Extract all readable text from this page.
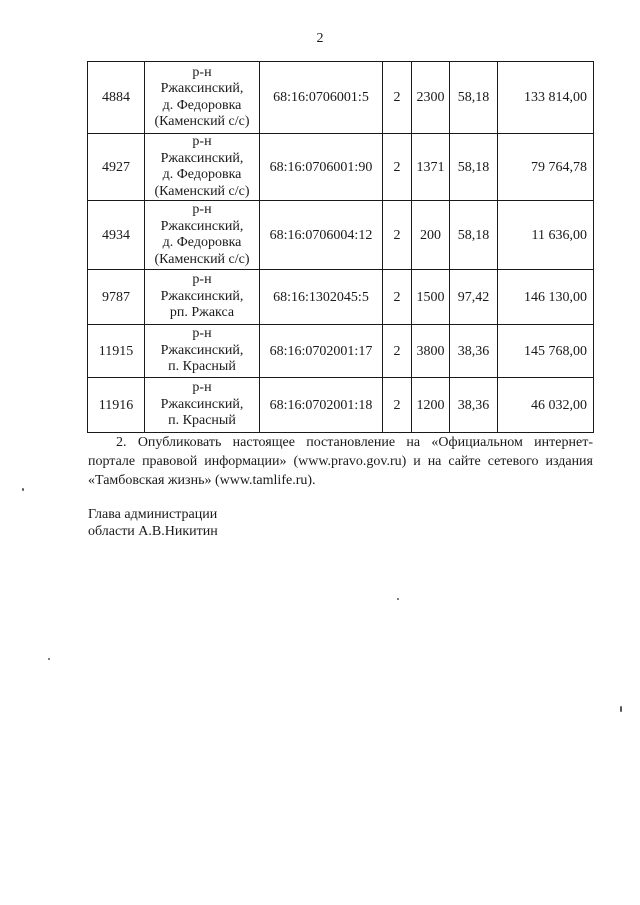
2
4884	р-н
Ржаксинский,
д. Федоровка
(Каменский с/с)	68:16:0706001:5	2	2300	58,18	133 814,00
4927	р-н
Ржаксинский,
д. Федоровка
(Каменский с/с)	68:16:0706001:90	2	1371	58,18	79 764,78
4934	р-н
Ржаксинский,
д. Федоровка
(Каменский с/с)	68:16:0706004:12	2	200	58,18	11 636,00
9787	р-н
Ржаксинский,
рп. Ржакса	68:16:1302045:5	2	1500	97,42	146 130,00
11915	р-н
Ржаксинский,
п. Красный	68:16:0702001:17	2	3800	38,36	145 768,00
11916	р-н
Ржаксинский,
п. Красный	68:16:0702001:18	2	1200	38,36	46 032,00
2. Опубликовать настоящее постановление на «Официальном интернет-портале правовой информации» (www.pravo.gov.ru) и на сайте сетевого издания «Тамбовская жизнь» (www.tamlife.ru).
Глава администрации
области А.В.Никитин
